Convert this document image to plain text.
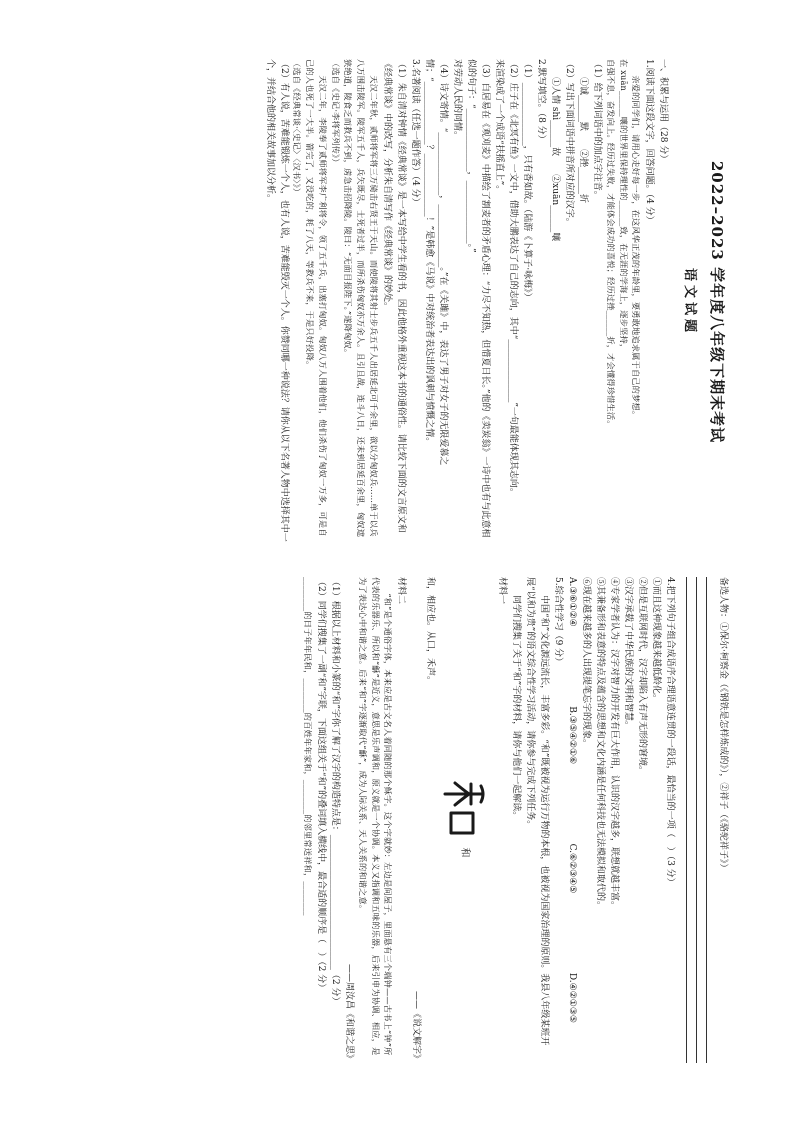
2022–2023 学年度八年级下期末考试
语文试题

一、积累与运用（28 分）

1.阅读下面这段文字，回答问题。（4 分）

亲爱的同学们，请用心走好每一步，在这风华正茂的年龄里，要勇敢地追求属于自己的梦想。

在 xuān______嚷的世界里保持理性的______致，在无涯的学海上，逐步坚持，

自强不息，奋发向上。经历过失败，才能体会成功的喜悦；经历过挫______折，才会懂得珍惜生活。

（1）给下列词语中的加点字注音。

①诚______默　　②挫______折

（2）写出下面词语中拼音所对应的汉字。

①人情 shì______故　　②xuān______嚷

2.默写填空。（8 分）

（1）______________，只有香如故。（陆游《卜算子·咏梅》）

（2）庄子在《北冥有鱼》一文中，借助大鹏表达了自己的志向，其中“______________”一句最能体现其志向。

来渲染成了一个成语“扶摇直上”。

（3）白居易在《观刈麦》中描绘了割麦者的矛盾心理：“力尽不知热，但惜夏日长。”他的《卖炭翁》一诗中也有与此意相似的句子：“______________，______________。”

对劳动人民的同情。

（4）诗文寄情。“______________，______________。”在《关雎》中，表达了男子对女子的无限爱慕之情；“______________？______________！”是韩愈《马说》中对统治者表达出的讽刺与愤慨之情。

3.名著阅读（任选一题作答）（4 分）

（1）朱自清对钟情《经典常谈》是一本写给中学生看的书，因此他格外重视这本书的通俗性。请比较下面的文言原文和《经典常谈》中的改写，分析朱自清写作《经典常谈》的妙处。

天汉二年秋，贰师将军将三万骑击右贤王于天山。而使陵将其射士步兵五千人出居延北可千余里，欲以分匈奴兵……单于以兵八万围击陵军。陵军五千人，兵矢既尽，士死者过半，而所杀伤匈奴亦万余人。且引且战，连斗八日，还未到居延百余里，匈奴遮狭绝道，陵食乏而救兵不到，虏急击招降陵。陵曰：“无面目报陛下。”遂降匈奴。

（选自《史记·李将军列传》）

天汉二年，李陵奉了贰师将军李广利将令，领了五千兵，出塞打匈奴。匈奴八万人围着他们，他们杀伤了匈奴一万多，可是自己的人也死了一大半。箭完了，又没吃的，耗了八天，等救兵不来，于是只好投降。

（选自《经典常谈·〈史记〉〈汉书〉》）

（2）有人说，苦难能锻炼一个人，也有人说，苦难能毁灭一个人。你赞同哪一种说法？请你从以下名著人物中选择其中一个，并结合他的相关故事加以分析。

备选人物：①保尔·柯察金（《钢铁是怎样炼成的》），②祥子（《骆驼祥子》）

4.把下列句子组合成语序合理语意连贯的一段话，最恰当的一项（　）（3 分）

①而且这种现象越来越低龄化。

②但是互联网时代，汉字却陷入有声无形的窘境。

③汉字承载了中华民族的文明和智慧。

④专家学者认为：汉字对智力的开发有巨大作用，认识的汉字越多，联想就越丰富。

⑤其兼备形和表意的特点及蕴含的思想和文化内涵是任何科技也无法模拟和取代的。

⑥现在越来越多的人出现提笔忘字的现象。

A.③⑥①②④
B.③⑤④②①⑥
C.⑥②③④⑤
D.④②①③⑤

5.综合性学习（9 分）

中国“和”文化源远流长，丰富多彩。“和”既被视为运行万物的本根，也被视为国家治理的原则。我县八年级某班开展“以和为贵”的语文综合性学习活动，请你参与完成下列任务。

同学们搜集了关于“和”字的材料，请你与他们一起解读。

材料一

和

和，相应也。从口，禾声。

——《说文解字》

材料二

“和”是个通俗字体，本来应是古文名人着同随的那个稣字。这个字就妙：左边是间屋子，里面悬有三个端钟——古书上“钟”所代表的乐器乐、所以和“龢”是近义，意思是乐声调和，原义就是一个协调。本义又指调和五味的乐器，后来引申为协调、相应，是为了表达心中和谐之意。后来“和”字逐渐取代“龢”，成为人际关系、天人关系的和谐之意。

——周汝昌《和谐之思》

（1）根据以上材料和小篆的“和”字你了解了汉字的构造特点是：______________________________（2 分）

（2）同学们搜集了一副“和”字联，下面这组关于“和”的叠词填入横线中，最合适的顺序是（　）（2 分）

________的日子年年民和，________的百姓年年家和，________的邻里常送祥和，________
